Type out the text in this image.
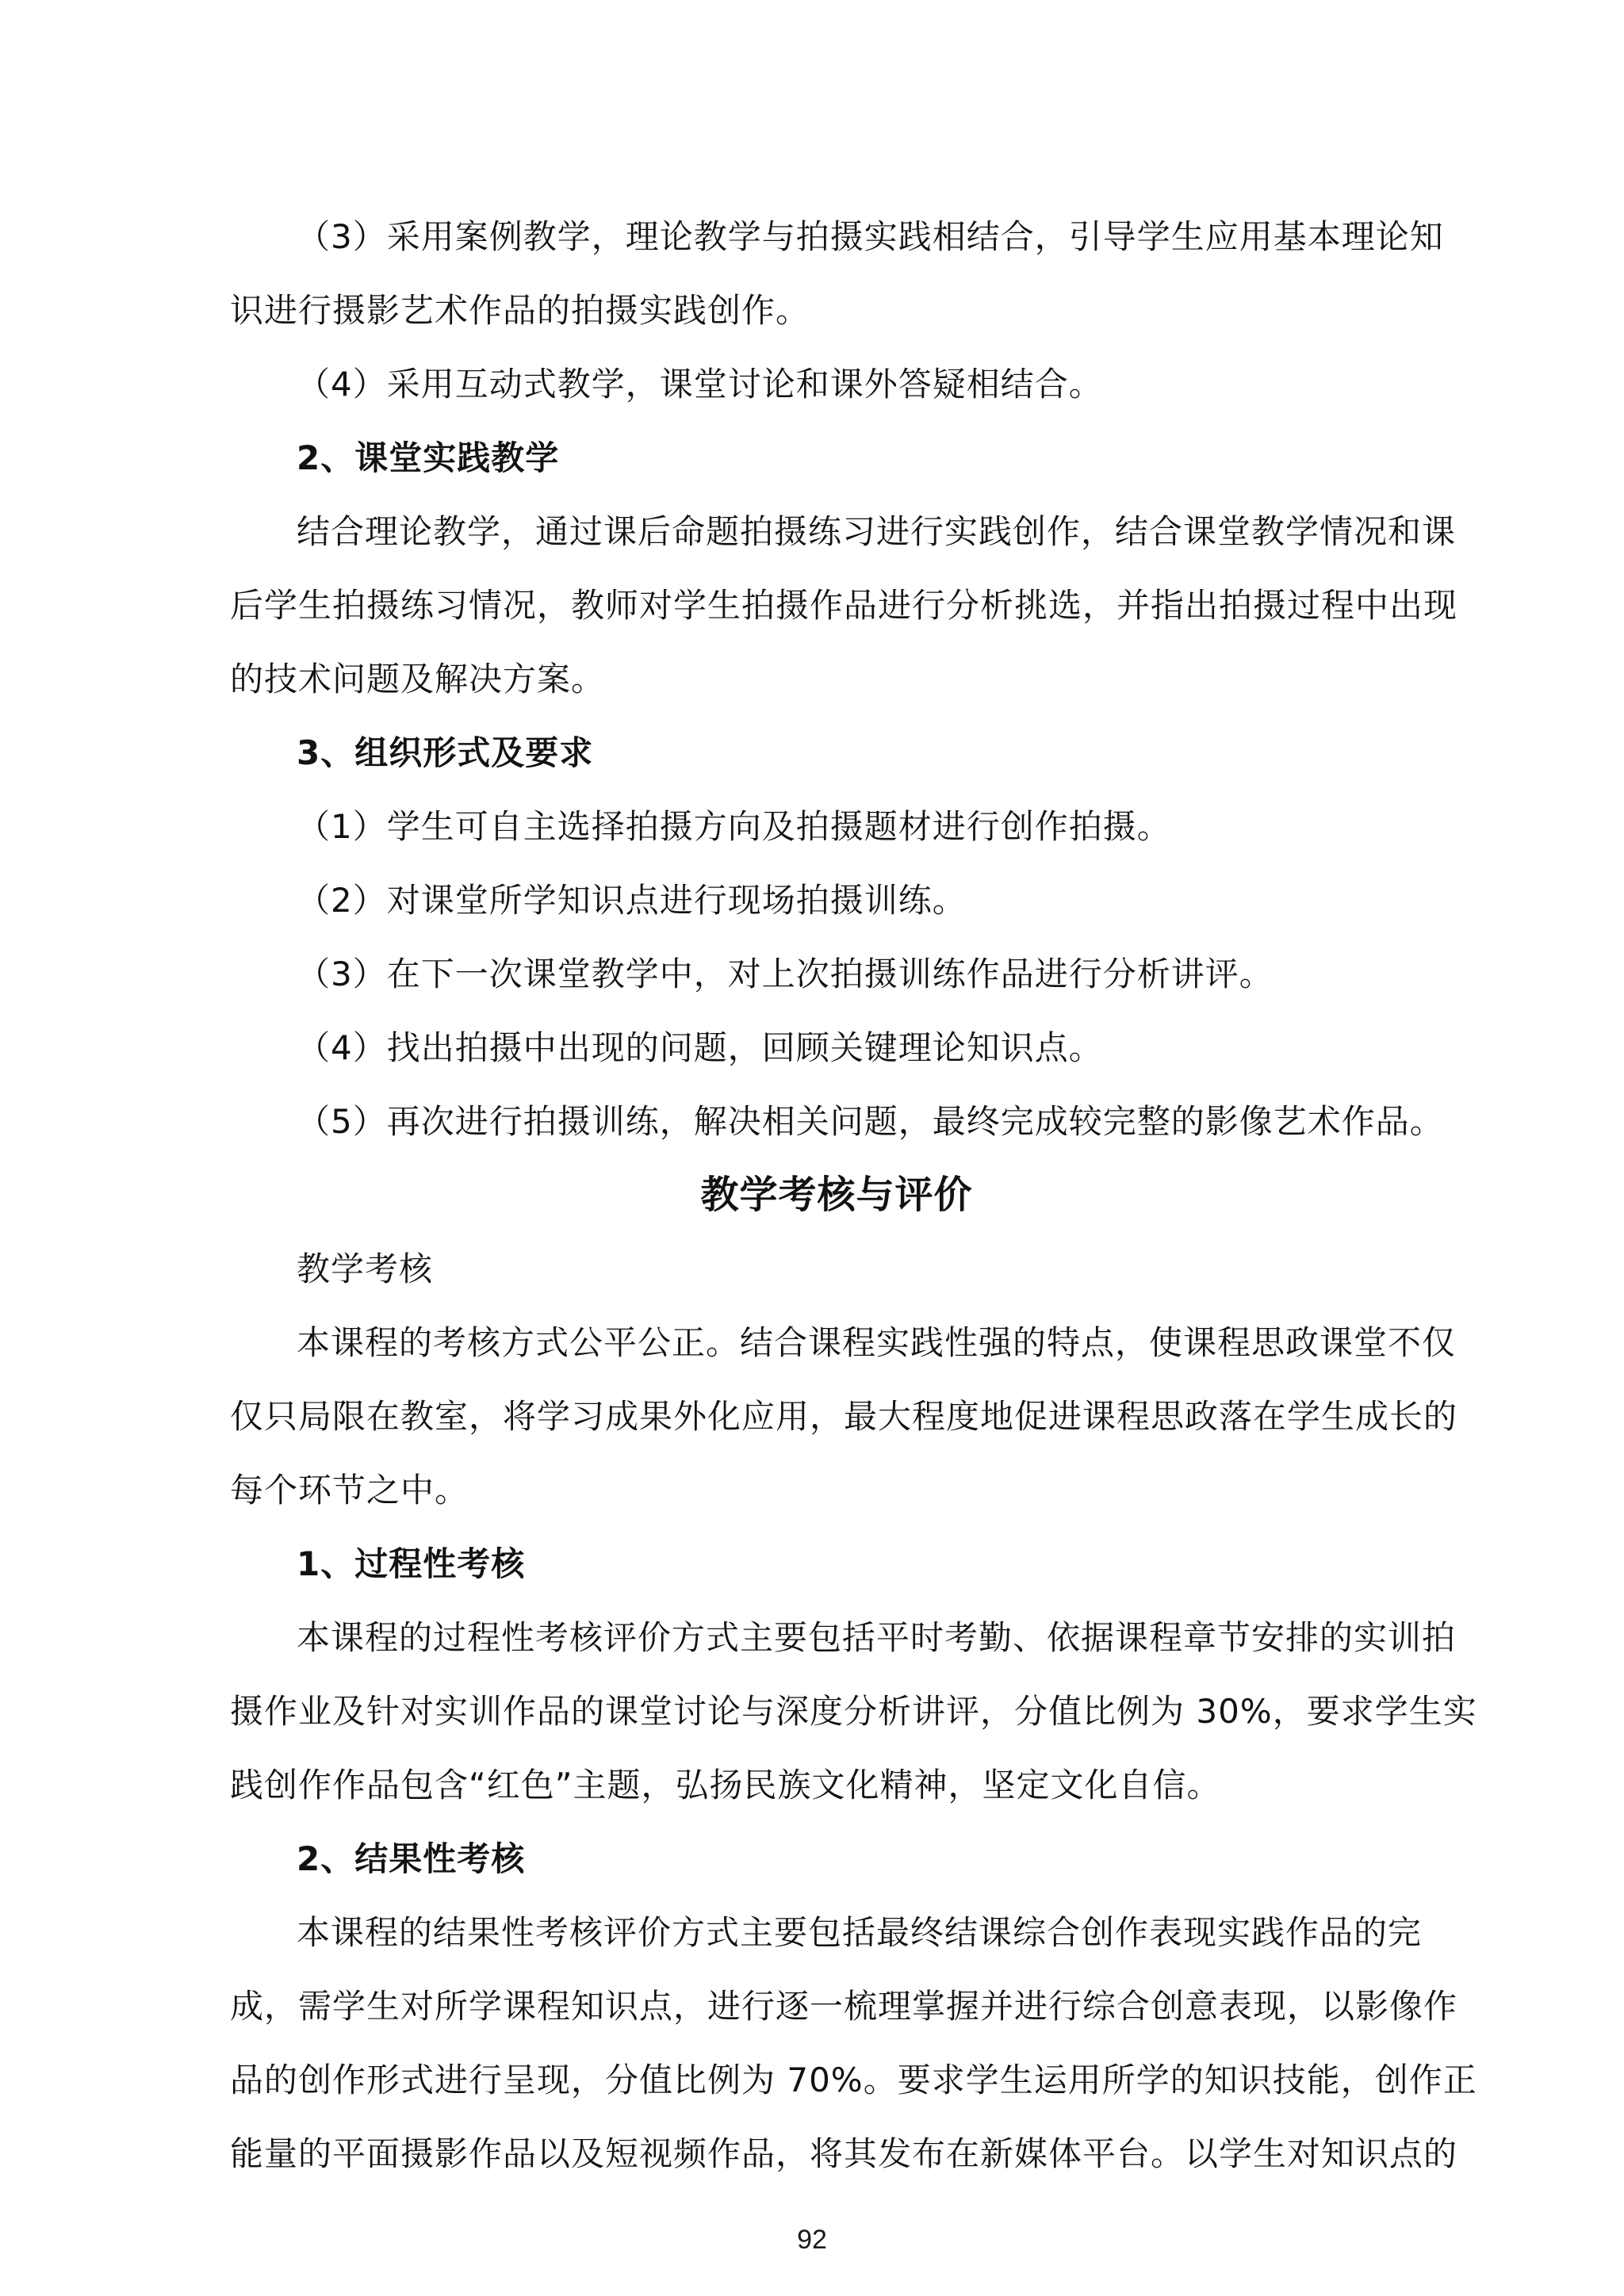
（3）采用案例教学，理论教学与拍摄实践相结合，引导学生应用基本理论知
识进行摄影艺术作品的拍摄实践创作。
（4）采用互动式教学，课堂讨论和课外答疑相结合。
2、课堂实践教学
结合理论教学，通过课后命题拍摄练习进行实践创作，结合课堂教学情况和课
后学生拍摄练习情况，教师对学生拍摄作品进行分析挑选，并指出拍摄过程中出现
的技术问题及解决方案。
3、组织形式及要求
（1）学生可自主选择拍摄方向及拍摄题材进行创作拍摄。
（2）对课堂所学知识点进行现场拍摄训练。
（3）在下一次课堂教学中，对上次拍摄训练作品进行分析讲评。
（4）找出拍摄中出现的问题，回顾关键理论知识点。
（5）再次进行拍摄训练，解决相关问题，最终完成较完整的影像艺术作品。
教学考核与评价
教学考核
本课程的考核方式公平公正。结合课程实践性强的特点，使课程思政课堂不仅
仅只局限在教室，将学习成果外化应用，最大程度地促进课程思政落在学生成长的
每个环节之中。
1、过程性考核
本课程的过程性考核评价方式主要包括平时考勤、依据课程章节安排的实训拍
摄作业及针对实训作品的课堂讨论与深度分析讲评，分值比例为 30%，要求学生实
践创作作品包含“红色”主题，弘扬民族文化精神，坚定文化自信。
2、结果性考核
本课程的结果性考核评价方式主要包括最终结课综合创作表现实践作品的完
成，需学生对所学课程知识点，进行逐一梳理掌握并进行综合创意表现，以影像作
品的创作形式进行呈现，分值比例为 70%。要求学生运用所学的知识技能，创作正
能量的平面摄影作品以及短视频作品，将其发布在新媒体平台。以学生对知识点的
92
